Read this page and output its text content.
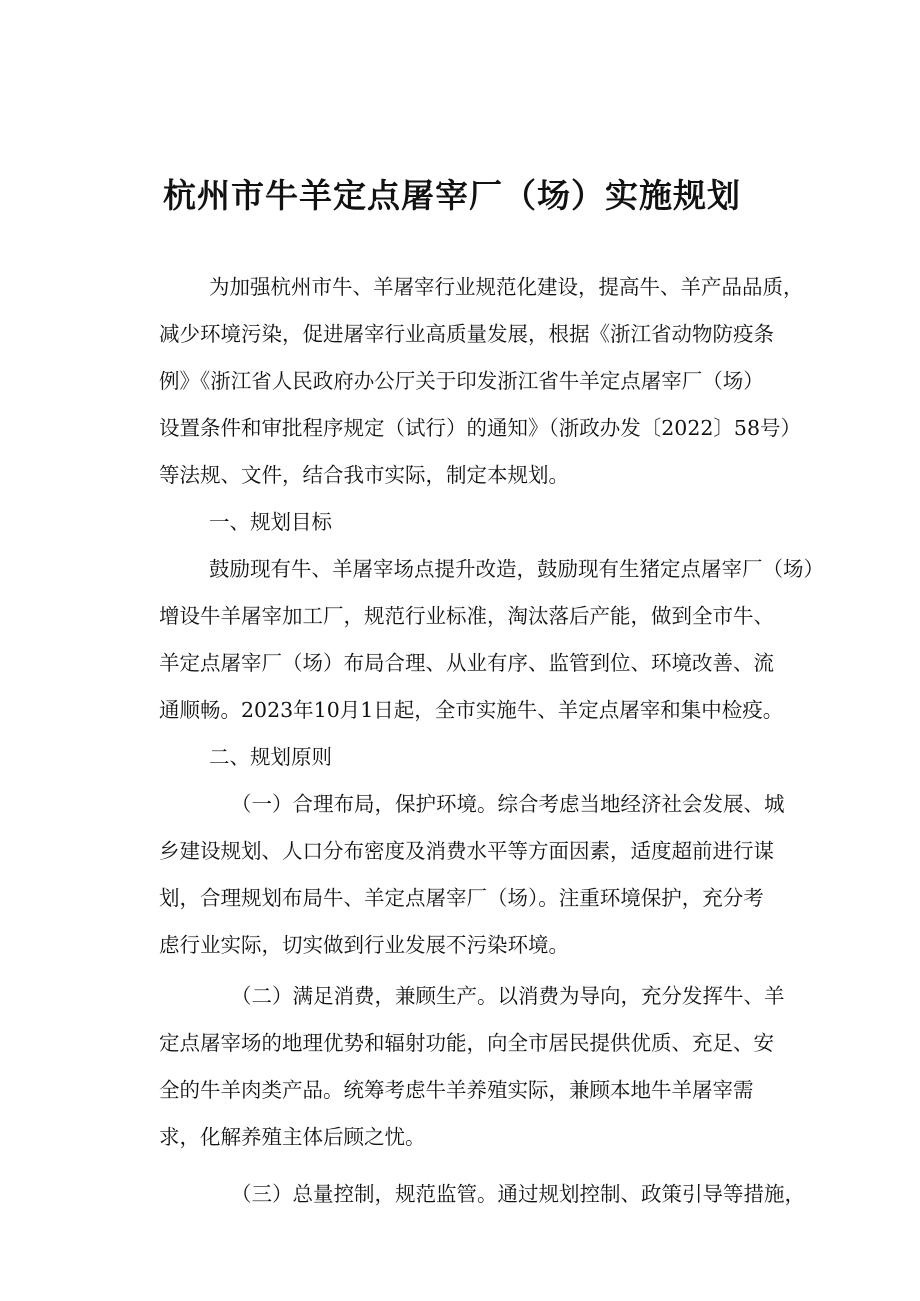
杭州市牛羊定点屠宰厂（场）实施规划

为加强杭州市牛、羊屠宰行业规范化建设，提高牛、羊产品品质，
减少环境污染，促进屠宰行业高质量发展，根据《浙江省动物防疫条
例》《浙江省人民政府办公厅关于印发浙江省牛羊定点屠宰厂（场）
设置条件和审批程序规定（试行）的通知》（浙政办发〔2022〕58号）
等法规、文件，结合我市实际，制定本规划。

一、规划目标

鼓励现有牛、羊屠宰场点提升改造，鼓励现有生猪定点屠宰厂（场）
增设牛羊屠宰加工厂，规范行业标准，淘汰落后产能，做到全市牛、
羊定点屠宰厂（场）布局合理、从业有序、监管到位、环境改善、流
通顺畅。2023年10月1日起，全市实施牛、羊定点屠宰和集中检疫。

二、规划原则

（一）合理布局，保护环境。综合考虑当地经济社会发展、城
乡建设规划、人口分布密度及消费水平等方面因素，适度超前进行谋
划，合理规划布局牛、羊定点屠宰厂（场）。注重环境保护，充分考
虑行业实际，切实做到行业发展不污染环境。

（二）满足消费，兼顾生产。以消费为导向，充分发挥牛、羊
定点屠宰场的地理优势和辐射功能，向全市居民提供优质、充足、安
全的牛羊肉类产品。统筹考虑牛羊养殖实际，兼顾本地牛羊屠宰需
求，化解养殖主体后顾之忧。

（三）总量控制，规范监管。通过规划控制、政策引导等措施，
